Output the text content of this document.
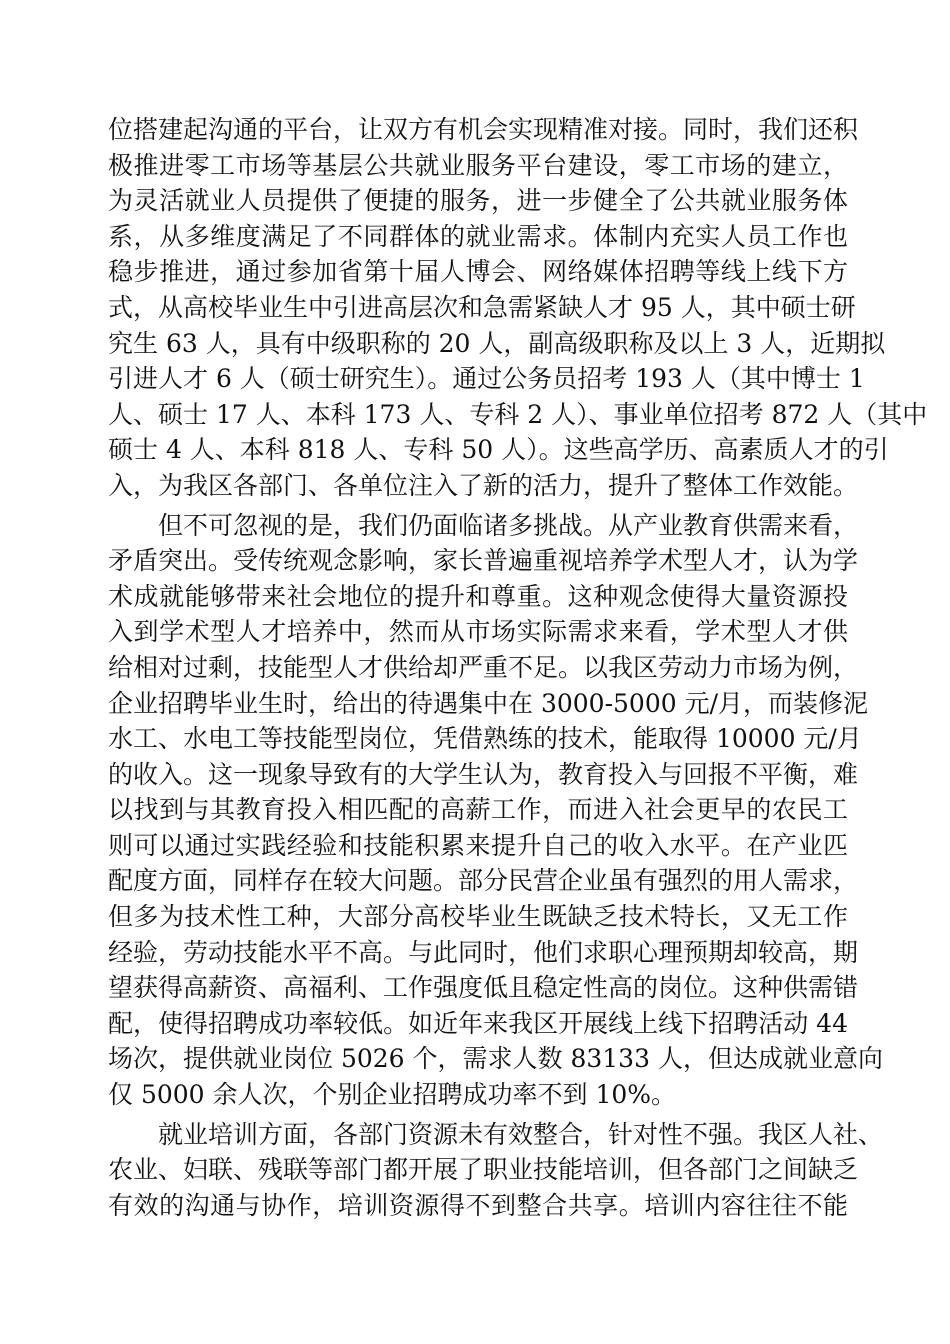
位搭建起沟通的平台，让双方有机会实现精准对接。同时，我们还积
极推进零工市场等基层公共就业服务平台建设，零工市场的建立，
为灵活就业人员提供了便捷的服务，进一步健全了公共就业服务体
系，从多维度满足了不同群体的就业需求。体制内充实人员工作也
稳步推进，通过参加省第十届人博会、网络媒体招聘等线上线下方
式，从高校毕业生中引进高层次和急需紧缺人才 95 人，其中硕士研
究生 63 人，具有中级职称的 20 人，副高级职称及以上 3 人，近期拟
引进人才 6 人（硕士研究生）。通过公务员招考 193 人（其中博士 1
人、硕士 17 人、本科 173 人、专科 2 人）、事业单位招考 872 人（其中
硕士 4 人、本科 818 人、专科 50 人）。这些高学历、高素质人才的引
入，为我区各部门、各单位注入了新的活力，提升了整体工作效能。
但不可忽视的是，我们仍面临诸多挑战。从产业教育供需来看，
矛盾突出。受传统观念影响，家长普遍重视培养学术型人才，认为学
术成就能够带来社会地位的提升和尊重。这种观念使得大量资源投
入到学术型人才培养中，然而从市场实际需求来看，学术型人才供
给相对过剩，技能型人才供给却严重不足。以我区劳动力市场为例，
企业招聘毕业生时，给出的待遇集中在 3000-5000 元/月，而装修泥
水工、水电工等技能型岗位，凭借熟练的技术，能取得 10000 元/月
的收入。这一现象导致有的大学生认为，教育投入与回报不平衡，难
以找到与其教育投入相匹配的高薪工作，而进入社会更早的农民工
则可以通过实践经验和技能积累来提升自己的收入水平。在产业匹
配度方面，同样存在较大问题。部分民营企业虽有强烈的用人需求，
但多为技术性工种，大部分高校毕业生既缺乏技术特长，又无工作
经验，劳动技能水平不高。与此同时，他们求职心理预期却较高，期
望获得高薪资、高福利、工作强度低且稳定性高的岗位。这种供需错
配，使得招聘成功率较低。如近年来我区开展线上线下招聘活动 44
场次，提供就业岗位 5026 个，需求人数 83133 人，但达成就业意向
仅 5000 余人次，个别企业招聘成功率不到 10%。
就业培训方面，各部门资源未有效整合，针对性不强。我区人社、
农业、妇联、残联等部门都开展了职业技能培训，但各部门之间缺乏
有效的沟通与协作，培训资源得不到整合共享。培训内容往往不能
